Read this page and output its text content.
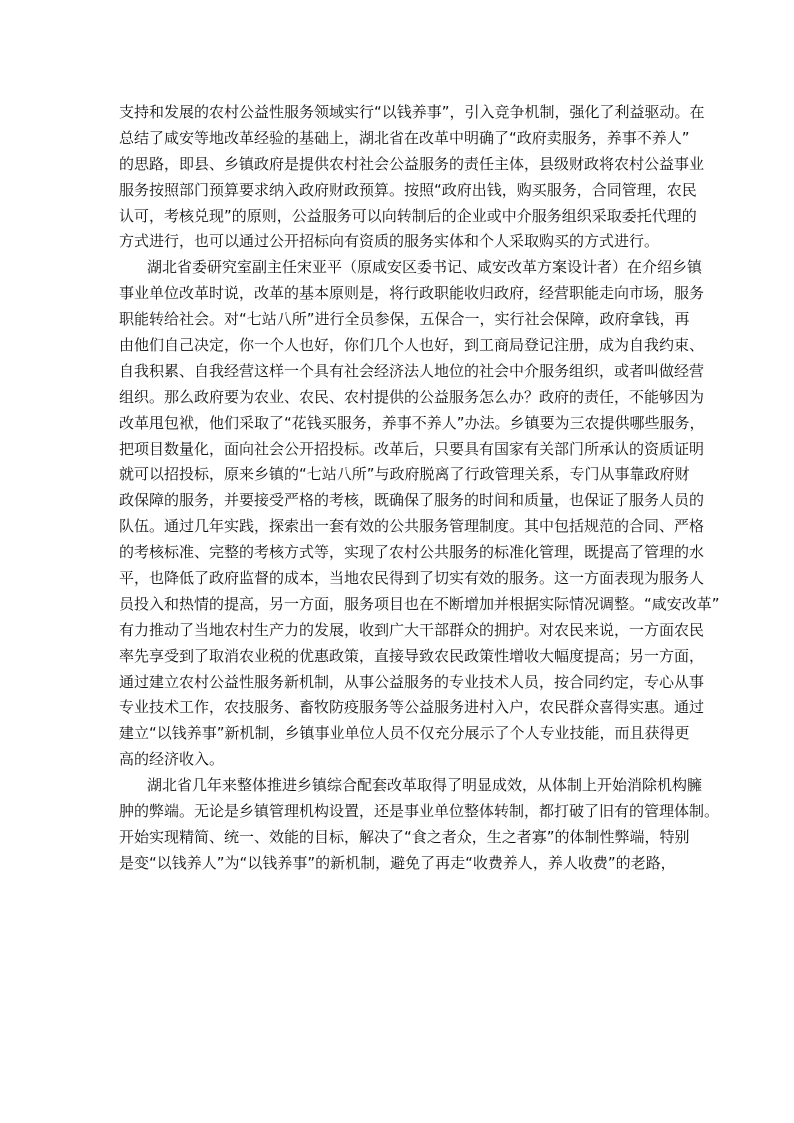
支持和发展的农村公益性服务领域实行“以钱养事”，引入竞争机制，强化了利益驱动。在
总结了咸安等地改革经验的基础上，湖北省在改革中明确了“政府卖服务，养事不养人”
的思路，即县、乡镇政府是提供农村社会公益服务的责任主体，县级财政将农村公益事业
服务按照部门预算要求纳入政府财政预算。按照“政府出钱，购买服务，合同管理，农民
认可，考核兑现”的原则，公益服务可以向转制后的企业或中介服务组织采取委托代理的
方式进行，也可以通过公开招标向有资质的服务实体和个人采取购买的方式进行。
湖北省委研究室副主任宋亚平（原咸安区委书记、咸安改革方案设计者）在介绍乡镇
事业单位改革时说，改革的基本原则是，将行政职能收归政府，经营职能走向市场，服务
职能转给社会。对“七站八所”进行全员参保，五保合一，实行社会保障，政府拿钱，再
由他们自己决定，你一个人也好，你们几个人也好，到工商局登记注册，成为自我约束、
自我积累、自我经营这样一个具有社会经济法人地位的社会中介服务组织，或者叫做经营
组织。那么政府要为农业、农民、农村提供的公益服务怎么办？政府的责任，不能够因为
改革甩包袱，他们采取了“花钱买服务，养事不养人”办法。乡镇要为三农提供哪些服务，
把项目数量化，面向社会公开招投标。改革后，只要具有国家有关部门所承认的资质证明
就可以招投标，原来乡镇的“七站八所”与政府脱离了行政管理关系，专门从事靠政府财
政保障的服务，并要接受严格的考核，既确保了服务的时间和质量，也保证了服务人员的
队伍。通过几年实践，探索出一套有效的公共服务管理制度。其中包括规范的合同、严格
的考核标准、完整的考核方式等，实现了农村公共服务的标准化管理，既提高了管理的水
平，也降低了政府监督的成本，当地农民得到了切实有效的服务。这一方面表现为服务人
员投入和热情的提高，另一方面，服务项目也在不断增加并根据实际情况调整。“咸安改革”
有力推动了当地农村生产力的发展，收到广大干部群众的拥护。对农民来说，一方面农民
率先享受到了取消农业税的优惠政策，直接导致农民政策性增收大幅度提高；另一方面，
通过建立农村公益性服务新机制，从事公益服务的专业技术人员，按合同约定，专心从事
专业技术工作，农技服务、畜牧防疫服务等公益服务进村入户，农民群众喜得实惠。通过
建立“以钱养事”新机制，乡镇事业单位人员不仅充分展示了个人专业技能，而且获得更
高的经济收入。
湖北省几年来整体推进乡镇综合配套改革取得了明显成效，从体制上开始消除机构臃
肿的弊端。无论是乡镇管理机构设置，还是事业单位整体转制，都打破了旧有的管理体制。
开始实现精简、统一、效能的目标，解决了“食之者众，生之者寡”的体制性弊端，特别
是变“以钱养人”为“以钱养事”的新机制，避免了再走“收费养人，养人收费”的老路，
